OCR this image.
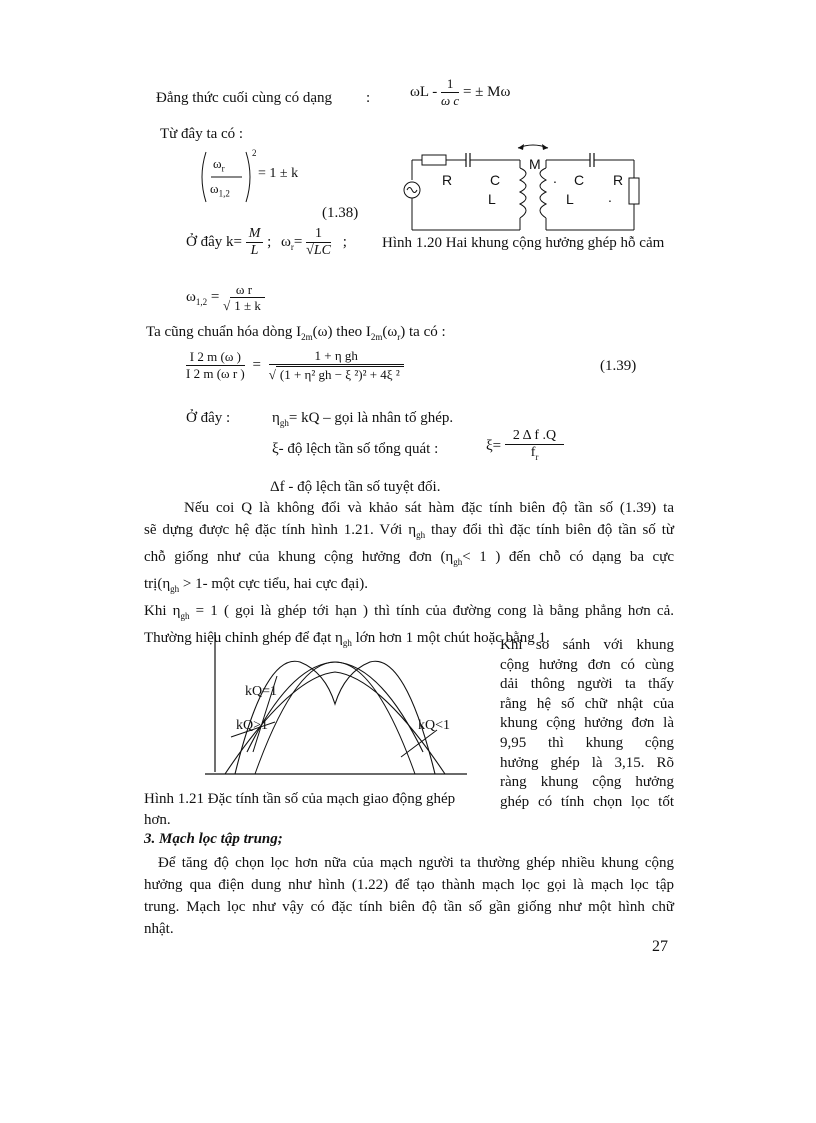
Đẳng thức cuối cùng có dạng :	ωL - $\frac{1}{\text{ω c}}$ = ± Mω
Từ đây ta có :
$\omega_r$
$\omega_{1,2}$
2
= 1 ± k
(1.38)
Ở đây $k= \frac{M}{L}$ ; $\omega_r= \frac{1}{√LC}$ ;
M
R	C
L
. C R
L .
Hình 1.20 Hai khung cộng hưởng ghép hỗ cảm
$\omega_{1,2}$ =	ω r
√ 1 ± k
Ta cũng chuẩn hóa dòng $I_{2m}(\omega)$ theo $I_{2m}(\omega_r)$ ta có :
$\frac{I 2 m (\omega )}{\text{I 2 m (ω r )}} = \frac{\text{1 + η gh}}{\text{√ (1 + η² gh − ξ ²)² + 4ξ ²}}$	(1.39)
Ở đây :	$\eta_{gh}=$ kQ – gọi là nhân tố ghép.
ξ- độ lệch tần số tổng quát :	$\xi= \frac{\text{2 Δ f .Q}}{f_r}$
Δf - độ lệch tần số tuyệt đối.
Nếu coi Q là không đổi và khảo sát hàm đặc tính biên độ tần số (1.39) ta
sẽ dựng được hệ đặc tính hình 1.21. Với $\eta_{gh}$ thay đổi thì đặc tính biên độ tần số từ
chỗ giống như của khung cộng hưởng đơn ($\eta_{gh}< 1$ ) đến chỗ có dạng ba cực
$trị(\eta_{gh} > 1-$ một cực tiểu, hai cực đại).
Khi $\eta_{gh} = 1$ ( gọi là ghép tới hạn ) thì tính của đường cong là bằng phẳng hơn cả.
Thường hiệu chỉnh ghép để đạt $\eta_{gh}$ lớn hơn 1 một chút hoặc bằng 1.
kQ=1
kQ>1	kQ<1
Khi so sánh với khung
cộng hưởng đơn có cùng
dải thông người ta thấy
rằng hệ số chữ nhật của
khung cộng hưởng đơn là
9,95 thì khung cộng
hưởng ghép là 3,15. Rõ
ràng khung cộng hưởng
ghép có tính chọn lọc tốt
Hình 1.21 Đặc tính tần số của mạch giao động ghép
hơn.
3. Mạch lọc tập trung;
Để tăng độ chọn lọc hơn nữa của mạch người ta thường ghép nhiều khung cộng
hưởng qua điện dung như hình (1.22) để tạo thành mạch lọc gọi là mạch lọc tập
trung. Mạch lọc như vậy có đặc tính biên độ tần số gần giống như một hình chữ
nhật.
27
